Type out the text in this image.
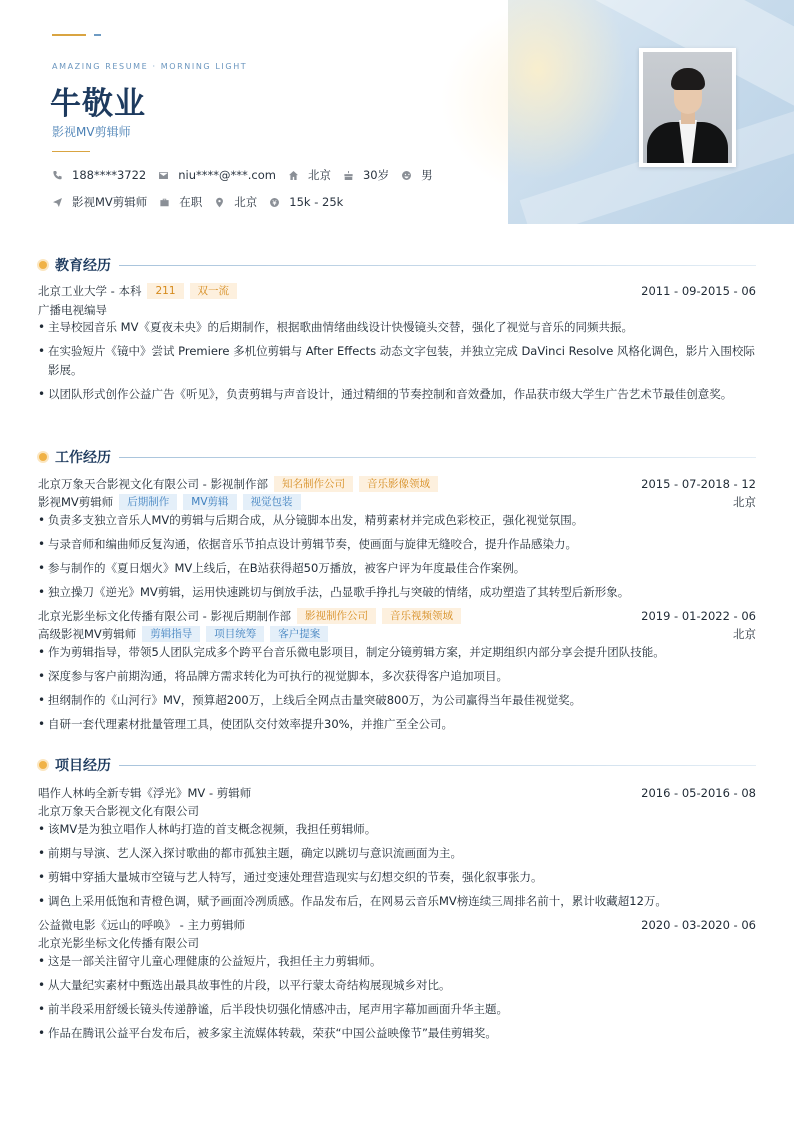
AMAZING RESUME · MORNING LIGHT
牛敬业
影视MV剪辑师
188****3722	niu****@***.com	北京	30岁	男
影视MV剪辑师	在职	北京	15k - 25k
教育经历
北京工业大学 - 本科	211	双一流	2011 - 09-2015 - 06
广播电视编导
• 主导校园音乐 MV《夏夜未央》的后期制作，根据歌曲情绪曲线设计快慢镜头交替，强化了视觉与音乐的同频共振。
• 在实验短片《镜中》尝试 Premiere 多机位剪辑与 After Effects 动态文字包装，并独立完成 DaVinci Resolve 风格化调色，影片入围校际影展。
• 以团队形式创作公益广告《听见》，负责剪辑与声音设计，通过精细的节奏控制和音效叠加，作品获市级大学生广告艺术节最佳创意奖。
工作经历
北京万象天合影视文化有限公司 - 影视制作部	知名制作公司	音乐影像领域	2015 - 07-2018 - 12
影视MV剪辑师	后期制作	MV剪辑	视觉包装	北京
• 负责多支独立音乐人MV的剪辑与后期合成，从分镜脚本出发，精剪素材并完成色彩校正，强化视觉氛围。
• 与录音师和编曲师反复沟通，依据音乐节拍点设计剪辑节奏，使画面与旋律无缝咬合，提升作品感染力。
• 参与制作的《夏日烟火》MV上线后，在B站获得超50万播放，被客户评为年度最佳合作案例。
• 独立操刀《逆光》MV剪辑，运用快速跳切与倒放手法，凸显歌手挣扎与突破的情绪，成功塑造了其转型后新形象。
北京光影坐标文化传播有限公司 - 影视后期制作部	影视制作公司	音乐视频领域	2019 - 01-2022 - 06
高级影视MV剪辑师	剪辑指导	项目统筹	客户提案	北京
• 作为剪辑指导，带领5人团队完成多个跨平台音乐微电影项目，制定分镜剪辑方案，并定期组织内部分享会提升团队技能。
• 深度参与客户前期沟通，将品牌方需求转化为可执行的视觉脚本，多次获得客户追加项目。
• 担纲制作的《山河行》MV，预算超200万，上线后全网点击量突破800万，为公司赢得当年最佳视觉奖。
• 自研一套代理素材批量管理工具，使团队交付效率提升30%，并推广至全公司。
项目经历
唱作人林屿全新专辑《浮光》MV - 剪辑师	2016 - 05-2016 - 08
北京万象天合影视文化有限公司
• 该MV是为独立唱作人林屿打造的首支概念视频，我担任剪辑师。
• 前期与导演、艺人深入探讨歌曲的都市孤独主题，确定以跳切与意识流画面为主。
• 剪辑中穿插大量城市空镜与艺人特写，通过变速处理营造现实与幻想交织的节奏，强化叙事张力。
• 调色上采用低饱和青橙色调，赋予画面冷冽质感。作品发布后，在网易云音乐MV榜连续三周排名前十，累计收藏超12万。
公益微电影《远山的呼唤》 - 主力剪辑师	2020 - 03-2020 - 06
北京光影坐标文化传播有限公司
• 这是一部关注留守儿童心理健康的公益短片，我担任主力剪辑师。
• 从大量纪实素材中甄选出最具故事性的片段，以平行蒙太奇结构展现城乡对比。
• 前半段采用舒缓长镜头传递静谧，后半段快切强化情感冲击，尾声用字幕加画面升华主题。
• 作品在腾讯公益平台发布后，被多家主流媒体转载，荣获“中国公益映像节”最佳剪辑奖。
